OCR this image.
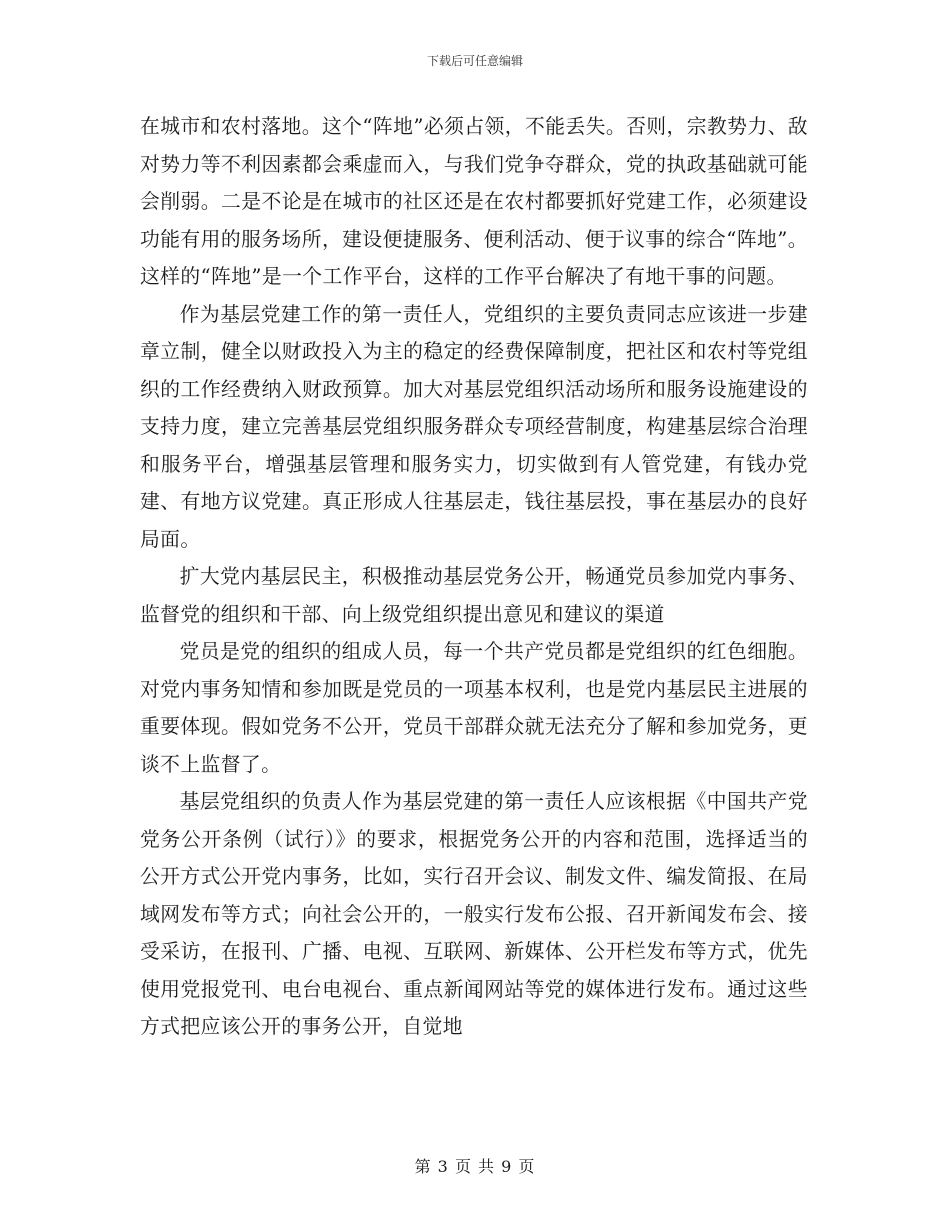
下载后可任意编辑

在城市和农村落地。这个“阵地”必须占领，不能丢失。否则，宗教势力、敌对势力等不利因素都会乘虚而入，与我们党争夺群众，党的执政基础就可能会削弱。二是不论是在城市的社区还是在农村都要抓好党建工作，必须建设功能有用的服务场所，建设便捷服务、便利活动、便于议事的综合“阵地”。这样的“阵地”是一个工作平台，这样的工作平台解决了有地干事的问题。

作为基层党建工作的第一责任人，党组织的主要负责同志应该进一步建章立制，健全以财政投入为主的稳定的经费保障制度，把社区和农村等党组织的工作经费纳入财政预算。加大对基层党组织活动场所和服务设施建设的支持力度，建立完善基层党组织服务群众专项经营制度，构建基层综合治理和服务平台，增强基层管理和服务实力，切实做到有人管党建，有钱办党建、有地方议党建。真正形成人往基层走，钱往基层投，事在基层办的良好局面。

扩大党内基层民主，积极推动基层党务公开，畅通党员参加党内事务、监督党的组织和干部、向上级党组织提出意见和建议的渠道

党员是党的组织的组成人员，每一个共产党员都是党组织的红色细胞。对党内事务知情和参加既是党员的一项基本权利，也是党内基层民主进展的重要体现。假如党务不公开，党员干部群众就无法充分了解和参加党务，更谈不上监督了。

基层党组织的负责人作为基层党建的第一责任人应该根据《中国共产党党务公开条例（试行）》的要求，根据党务公开的内容和范围，选择适当的公开方式公开党内事务，比如，实行召开会议、制发文件、编发简报、在局域网发布等方式；向社会公开的，一般实行发布公报、召开新闻发布会、接受采访，在报刊、广播、电视、互联网、新媒体、公开栏发布等方式，优先使用党报党刊、电台电视台、重点新闻网站等党的媒体进行发布。通过这些方式把应该公开的事务公开，自觉地

第 3 页 共 9 页
